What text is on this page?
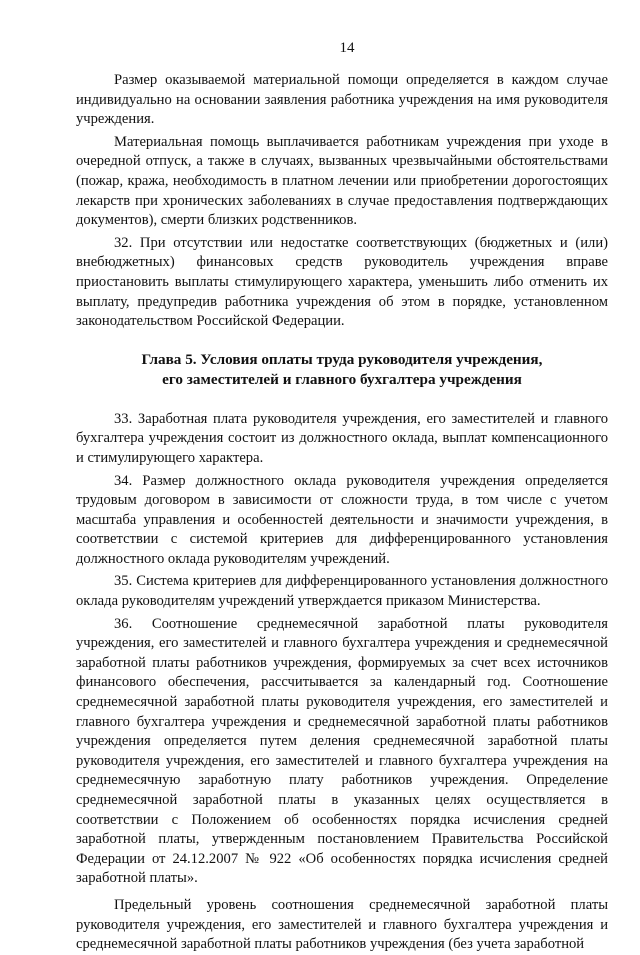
14

Размер оказываемой материальной помощи определяется в каждом случае индивидуально на основании заявления работника учреждения на имя руководителя учреждения.

Материальная помощь выплачивается работникам учреждения при уходе в очередной отпуск, а также в случаях, вызванных чрезвычайными обстоятельствами (пожар, кража, необходимость в платном лечении или приобретении дорогостоящих лекарств при хронических заболеваниях в случае предоставления подтверждающих документов), смерти близких родственников.

32. При отсутствии или недостатке соответствующих (бюджетных и (или) внебюджетных) финансовых средств руководитель учреждения вправе приостановить выплаты стимулирующего характера, уменьшить либо отменить их выплату, предупредив работника учреждения об этом в порядке, установленном законодательством Российской Федерации.

Глава 5. Условия оплаты труда руководителя учреждения,
его заместителей и главного бухгалтера учреждения

33. Заработная плата руководителя учреждения, его заместителей и главного бухгалтера учреждения состоит из должностного оклада, выплат компенсационного и стимулирующего характера.

34. Размер должностного оклада руководителя учреждения определяется трудовым договором в зависимости от сложности труда, в том числе с учетом масштаба управления и особенностей деятельности и значимости учреждения, в соответствии с системой критериев для дифференцированного установления должностного оклада руководителям учреждений.

35. Система критериев для дифференцированного установления должностного оклада руководителям учреждений утверждается приказом Министерства.

36. Соотношение среднемесячной заработной платы руководителя учреждения, его заместителей и главного бухгалтера учреждения и среднемесячной заработной платы работников учреждения, формируемых за счет всех источников финансового обеспечения, рассчитывается за календарный год. Соотношение среднемесячной заработной платы руководителя учреждения, его заместителей и главного бухгалтера учреждения и среднемесячной заработной платы работников учреждения определяется путем деления среднемесячной заработной платы руководителя учреждения, его заместителей и главного бухгалтера учреждения на среднемесячную заработную плату работников учреждения. Определение среднемесячной заработной платы в указанных целях осуществляется в соответствии с Положением об особенностях порядка исчисления средней заработной платы, утвержденным постановлением Правительства Российской Федерации от 24.12.2007 № 922 «Об особенностях порядка исчисления средней заработной платы».

Предельный уровень соотношения среднемесячной заработной платы руководителя учреждения, его заместителей и главного бухгалтера учреждения и среднемесячной заработной платы работников учреждения (без учета заработной
